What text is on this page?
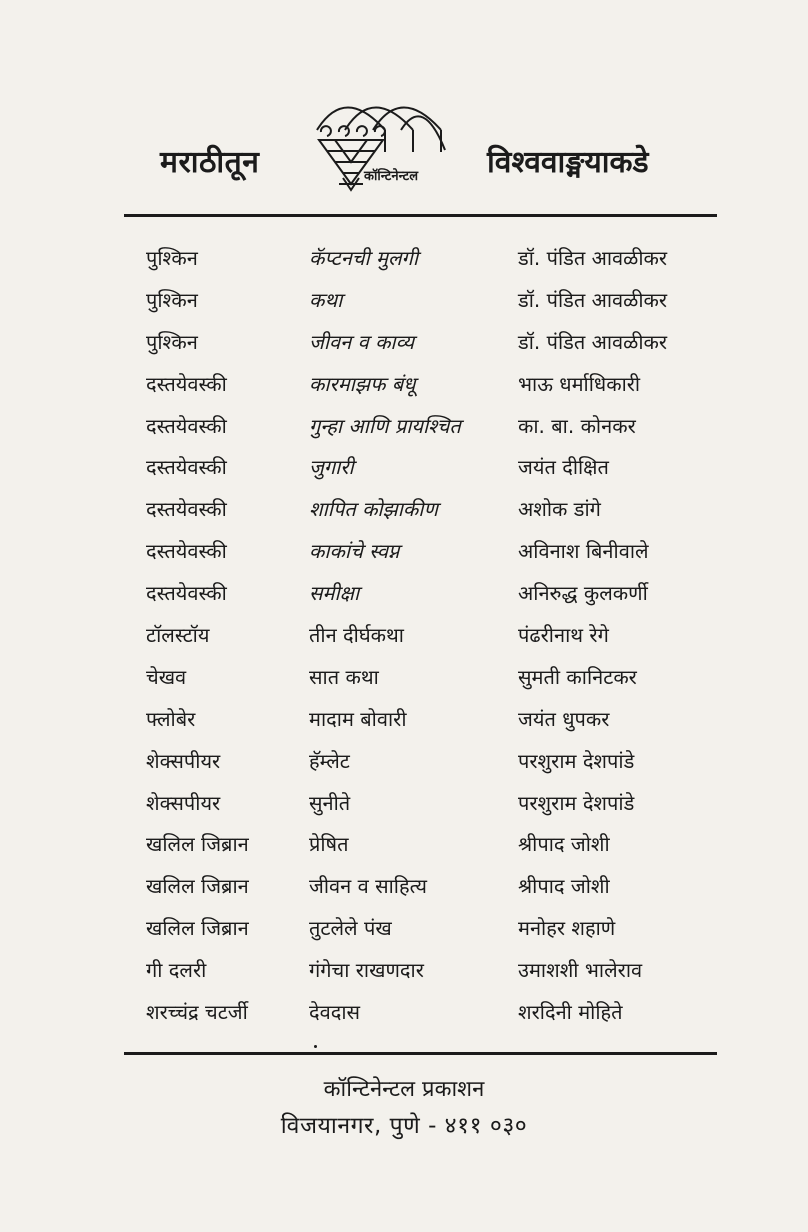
मराठीतून	कॉन्टिनेन्टल विश्ववाङ्मयाकडे
पुश्किन	कॅप्टनची मुलगी	डॉ. पंडित आवळीकर
पुश्किन	कथा	डॉ. पंडित आवळीकर
पुश्किन	जीवन व काव्य	डॉ. पंडित आवळीकर
दस्तयेवस्की	कारमाझफ बंधू	भाऊ धर्माधिकारी
दस्तयेवस्की	गुन्हा आणि प्रायश्चित	का. बा. कोनकर
दस्तयेवस्की	जुगारी	जयंत दीक्षित
दस्तयेवस्की	शापित कोझाकीण	अशोक डांगे
दस्तयेवस्की	काकांचे स्वप्न	अविनाश बिनीवाले
दस्तयेवस्की	समीक्षा	अनिरुद्ध कुलकर्णी
टॉलस्टॉय	तीन दीर्घकथा	पंढरीनाथ रेगे
चेखव	सात कथा	सुमती कानिटकर
फ्लोबेर	मादाम बोवारी	जयंत धुपकर
शेक्सपीयर	हॅम्लेट	परशुराम देशपांडे
शेक्सपीयर	सुनीते	परशुराम देशपांडे
खलिल जिब्रान	प्रेषित	श्रीपाद जोशी
खलिल जिब्रान	जीवन व साहित्य	श्रीपाद जोशी
खलिल जिब्रान	तुटलेले पंख	मनोहर शहाणे
गी दलरी	गंगेचा राखणदार	उमाशशी भालेराव
शरच्चंद्र चटर्जी	देवदास	शरदिनी मोहिते
कॉन्टिनेन्टल प्रकाशन
विजयानगर, पुणे - ४११ ०३०
